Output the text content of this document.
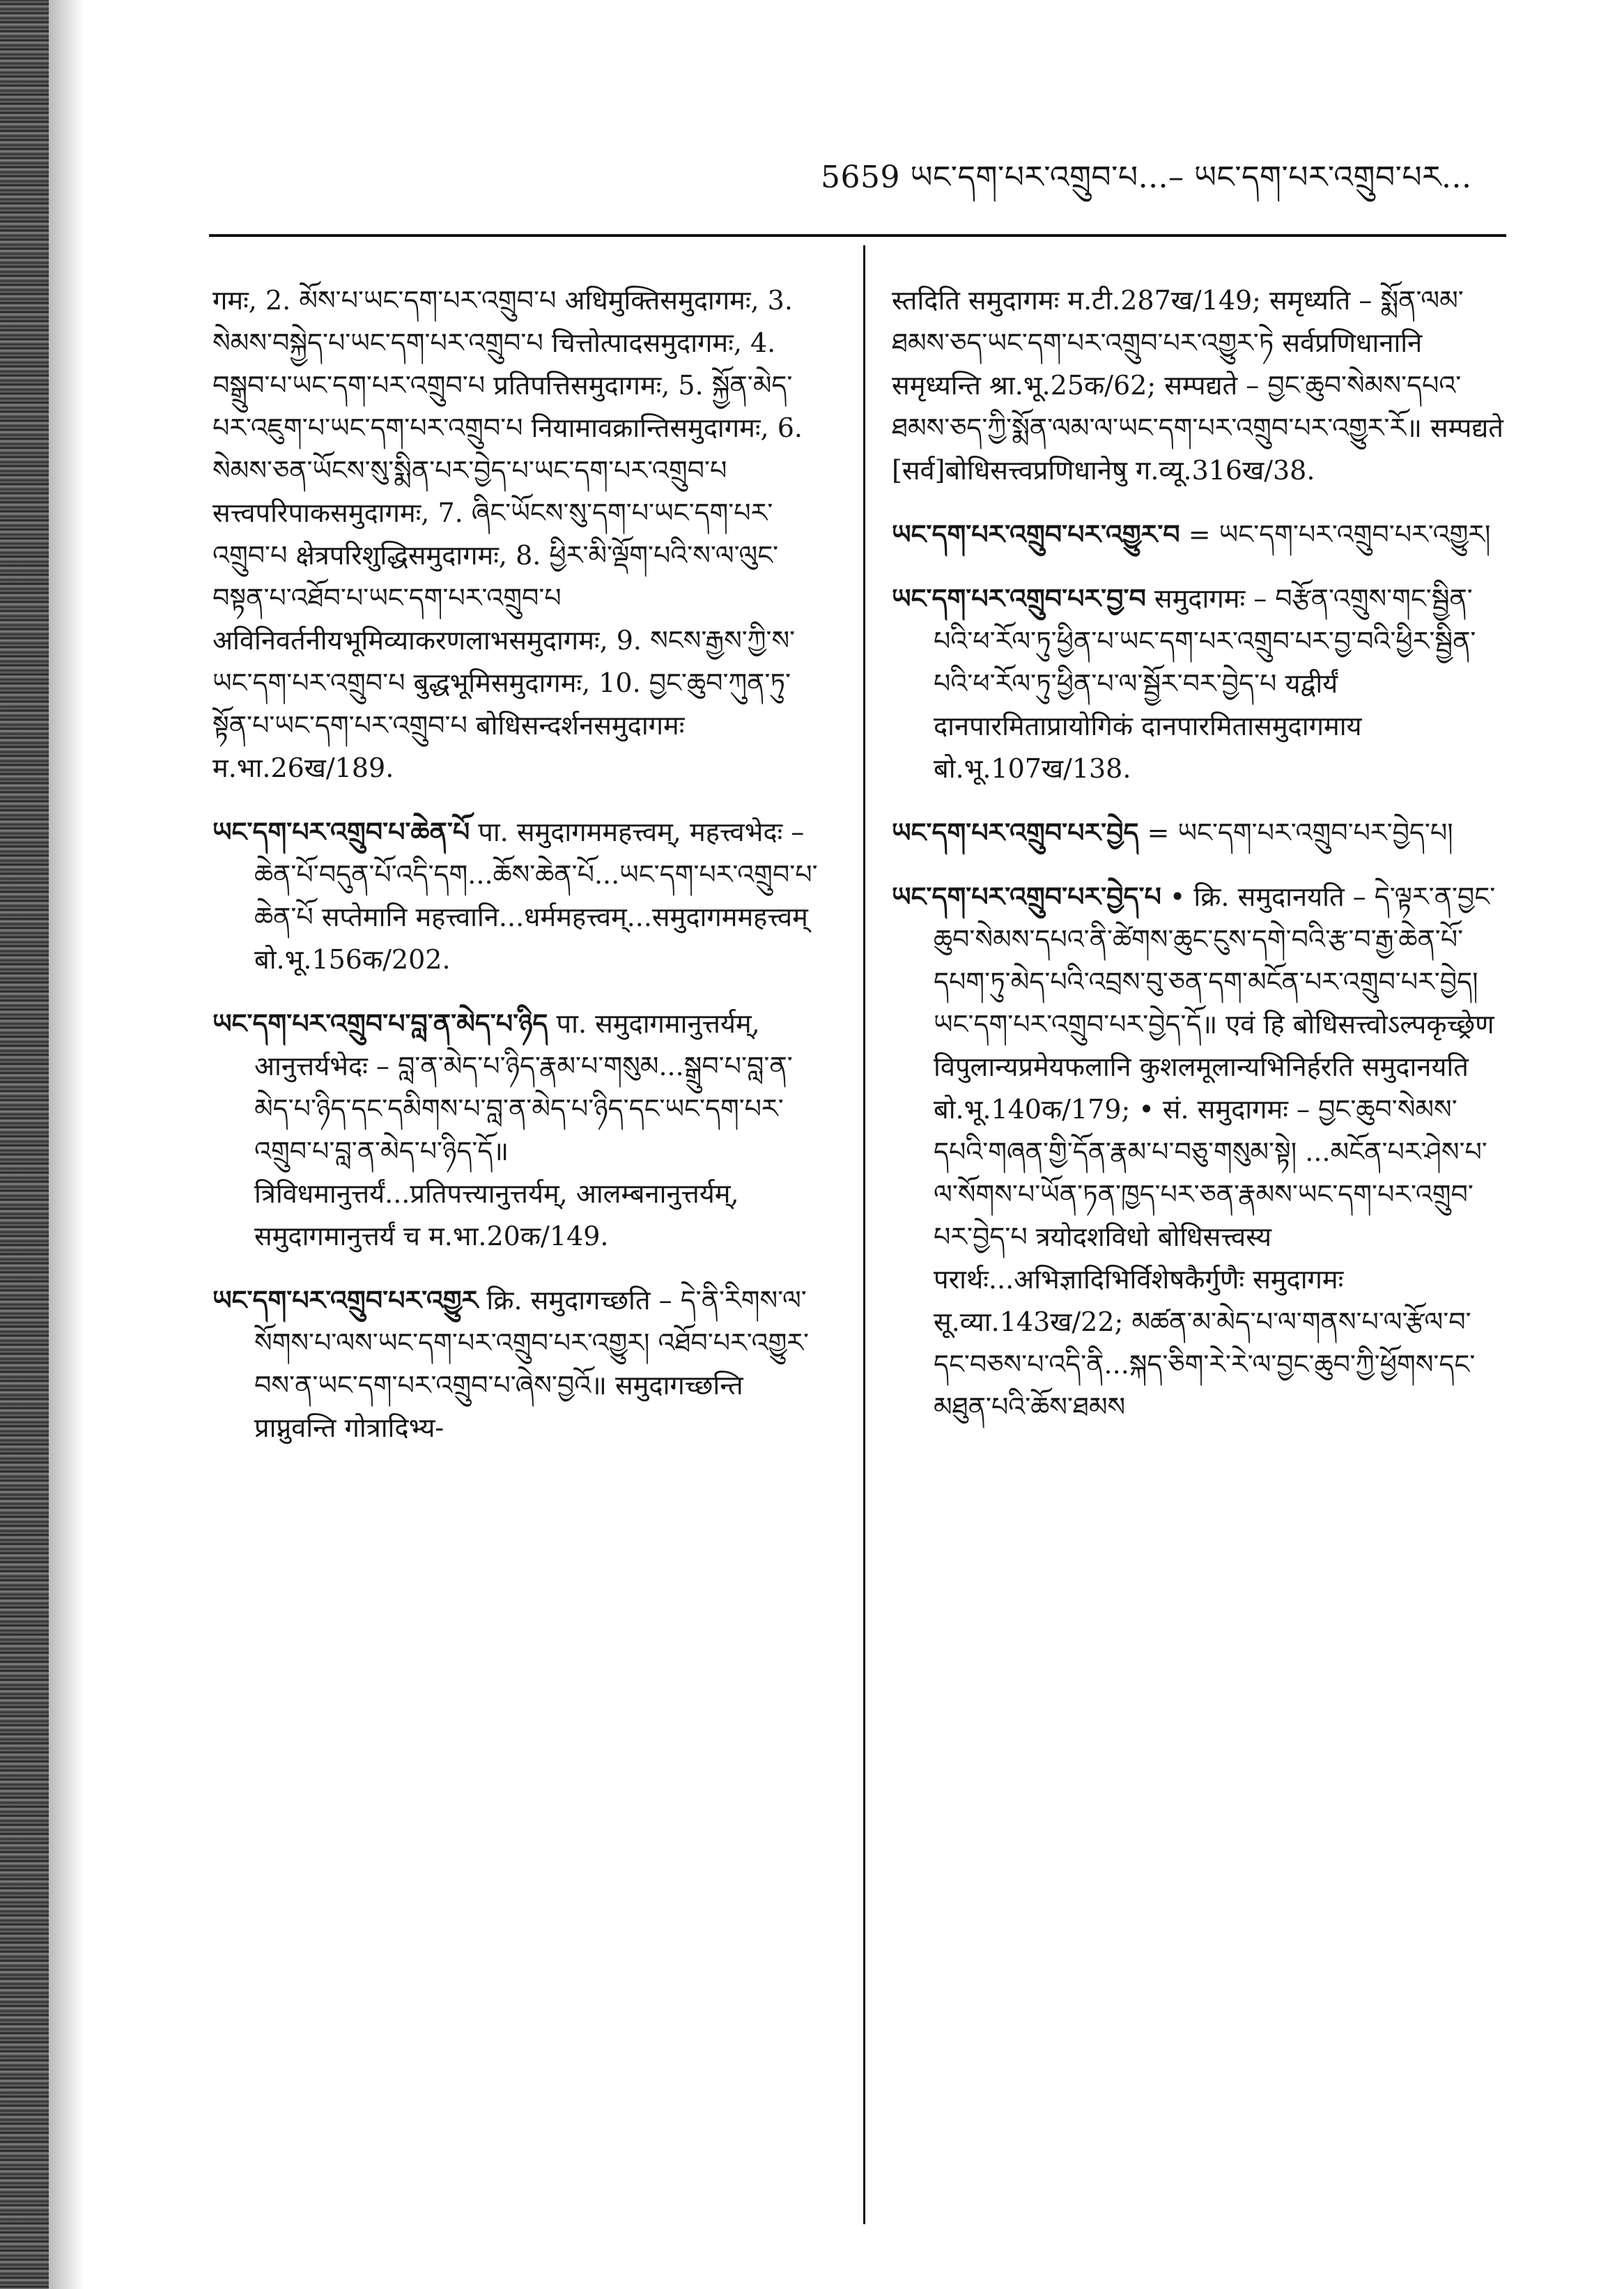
5659 ཡང་དག་པར་འགྲུབ་པ...– ཡང་དག་པར་འགྲུབ་པར...
गमः, 2. མོས་པ་ཡང་དག་པར་འགྲུབ་པ अधिमुक्तिसमुदागमः, 3. སེམས་བསྐྱེད་པ་ཡང་དག་པར་འགྲུབ་པ चित्तोत्पादसमुदागमः, 4. བསྒྲུབ་པ་ཡང་དག་པར་འགྲུབ་པ प्रतिपत्तिसमुदागमः, 5. སྐྱོན་མེད་པར་འཇུག་པ་ཡང་དག་པར་འགྲུབ་པ नियामावक्रान्तिसमुदागमः, 6. སེམས་ཅན་ཡོངས་སུ་སྨིན་པར་བྱེད་པ་ཡང་དག་པར་འགྲུབ་པ सत्त्वपरिपाकसमुदागमः, 7. ཞིང་ཡོངས་སུ་དག་པ་ཡང་དག་པར་འགྲུབ་པ क्षेत्रपरिशुद्धिसमुदागमः, 8. ཕྱིར་མི་ལྡོག་པའི་ས་ལ་ལུང་བསྟན་པ་འཐོབ་པ་ཡང་དག་པར་འགྲུབ་པ अविनिवर्तनीयभूमिव्याकरणलाभसमुदागमः, 9. སངས་རྒྱས་ཀྱི་ས་ཡང་དག་པར་འགྲུབ་པ बुद्धभूमिसमुदागमः, 10. བྱང་ཆུབ་ཀུན་ཏུ་སྟོན་པ་ཡང་དག་པར་འགྲུབ་པ बोधिसन्दर्शनसमुदागमः म.भा.26ख/189.
ཡང་དག་པར་འགྲུབ་པ་ཆེན་པོ पा. समुदागममहत्त्वम्, महत्त्वभेदः – ཆེན་པོ་བདུན་པོ་འདི་དག...ཆོས་ཆེན་པོ...ཡང་དག་པར་འགྲུབ་པ་ཆེན་པོ सप्तेमानि महत्त्वानि...धर्ममहत्त्वम्...समुदागममहत्त्वम् बो.भू.156क/202.
ཡང་དག་པར་འགྲུབ་པ་བླ་ན་མེད་པ་ཉིད पा. समुदागमानुत्तर्यम्, आनुत्तर्यभेदः – བླ་ན་མེད་པ་ཉིད་རྣམ་པ་གསུམ...སྒྲུབ་པ་བླ་ན་མེད་པ་ཉིད་དང་དམིགས་པ་བླ་ན་མེད་པ་ཉིད་དང་ཡང་དག་པར་འགྲུབ་པ་བླ་ན་མེད་པ་ཉིད་དོ॥ त्रिविधमानुत्तर्यं...प्रतिपत्त्यानुत्तर्यम्, आलम्बनानुत्तर्यम्, समुदागमानुत्तर्यं च म.भा.20क/149.
ཡང་དག་པར་འགྲུབ་པར་འགྱུར क्रि. समुदागच्छति – དེ་ནི་རིགས་ལ་སོགས་པ་ལས་ཡང་དག་པར་འགྲུབ་པར་འགྱུར། འཐོབ་པར་འགྱུར་བས་ན་ཡང་དག་པར་འགྲུབ་པ་ཞེས་བྱའོ॥ समुदागच्छन्ति प्राप्नुवन्ति गोत्रादिभ्य-
स्तदिति समुदागमः म.टी.287ख/149; समृध्यति – སྨོན་ལམ་ཐམས་ཅད་ཡང་དག་པར་འགྲུབ་པར་འགྱུར་ཏེ सर्वप्रणिधानानि समृध्यन्ति श्रा.भू.25क/62; सम्पद्यते – བྱང་ཆུབ་སེམས་དཔའ་ཐམས་ཅད་ཀྱི་སྨོན་ལམ་ལ་ཡང་དག་པར་འགྲུབ་པར་འགྱུར་རོ॥ सम्पद्यते [सर्व]बोधिसत्त्वप्रणिधानेषु ग.व्यू.316ख/38.
ཡང་དག་པར་འགྲུབ་པར་འགྱུར་བ = ཡང་དག་པར་འགྲུབ་པར་འགྱུར།
ཡང་དག་པར་འགྲུབ་པར་བྱ་བ समुदागमः – བརྩོན་འགྲུས་གང་སྦྱིན་པའི་ཕ་རོལ་ཏུ་ཕྱིན་པ་ཡང་དག་པར་འགྲུབ་པར་བྱ་བའི་ཕྱིར་སྦྱིན་པའི་ཕ་རོལ་ཏུ་ཕྱིན་པ་ལ་སྦྱོར་བར་བྱེད་པ यद्वीर्यं दानपारमिताप्रायोगिकं दानपारमितासमुदागमाय बो.भू.107ख/138.
ཡང་དག་པར་འགྲུབ་པར་བྱེད = ཡང་དག་པར་འགྲུབ་པར་བྱེད་པ།
ཡང་དག་པར་འགྲུབ་པར་བྱེད་པ • क्रि. समुदानयति – དེ་ལྟར་ན་བྱང་ཆུབ་སེམས་དཔའ་ནི་ཚེགས་ཆུང་ངུས་དགེ་བའི་རྩ་བ་རྒྱ་ཆེན་པོ་དཔག་ཏུ་མེད་པའི་འབྲས་བུ་ཅན་དག་མངོན་པར་འགྲུབ་པར་བྱེད། ཡང་དག་པར་འགྲུབ་པར་བྱེད་དོ॥ एवं हि बोधिसत्त्वोऽल्पकृच्छ्रेण विपुलान्यप्रमेयफलानि कुशलमूलान्यभिनिर्हरति समुदानयति बो.भू.140क/179; • सं. समुदागमः – བྱང་ཆུབ་སེམས་དཔའི་གཞན་གྱི་དོན་རྣམ་པ་བཅུ་གསུམ་སྟེ། ...མངོན་པར་ཤེས་པ་ལ་སོགས་པ་ཡོན་ཏན་ཁྱད་པར་ཅན་རྣམས་ཡང་དག་པར་འགྲུབ་པར་བྱེད་པ त्रयोदशविधो बोधिसत्त्वस्य परार्थः...अभिज्ञादिभिर्विशेषकैर्गुणैः समुदागमः सू.व्या.143ख/22; མཚན་མ་མེད་པ་ལ་གནས་པ་ལ་རྩོལ་བ་དང་བཅས་པ་འདི་ནི...སྐད་ཅིག་རེ་རེ་ལ་བྱང་ཆུབ་ཀྱི་ཕྱོགས་དང་མཐུན་པའི་ཆོས་ཐམས
